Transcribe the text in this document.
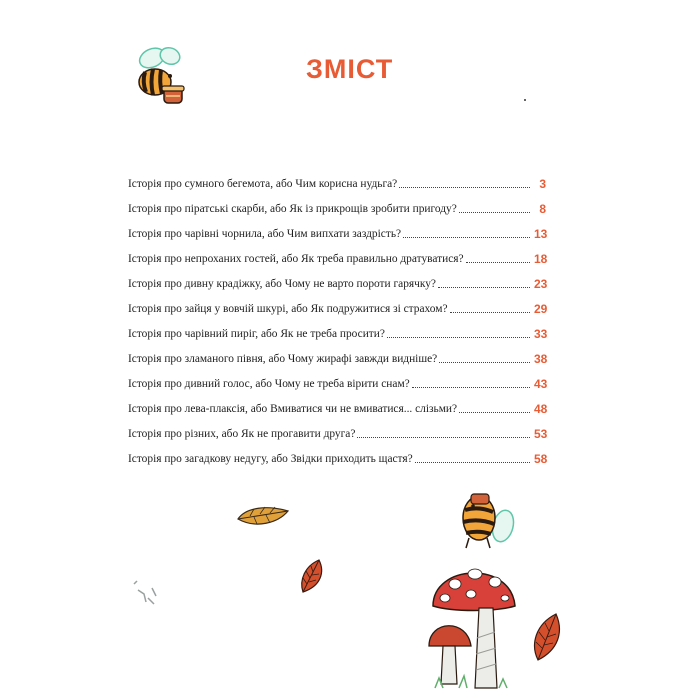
ЗМІСТ
Історія про сумного бегемота, або Чим корисна нудьга?	3
Історія про піратські скарби, або Як із прикрощів зробити пригоду?	8
Історія про чарівні чорнила, або Чим випхати заздрість?	13
Історія про непроханих гостей, або Як треба правильно дратуватися?	18
Історія про дивну крадіжку, або Чому не варто пороти гарячку?	23
Історія про зайця у вовчій шкурі, або Як подружитися зі страхом?	29
Історія про чарівний пиріг, або Як не треба просити?	33
Історія про зламаного півня, або Чому жирафі завжди видніше?	38
Історія про дивний голос, або Чому не треба вірити снам?	43
Історія про лева-плаксія, або Вмиватися чи не вмиватися... слізьми?	48
Історія про різних, або Як не прогавити друга?	53
Історія про загадкову недугу, або Звідки приходить щастя?	58
